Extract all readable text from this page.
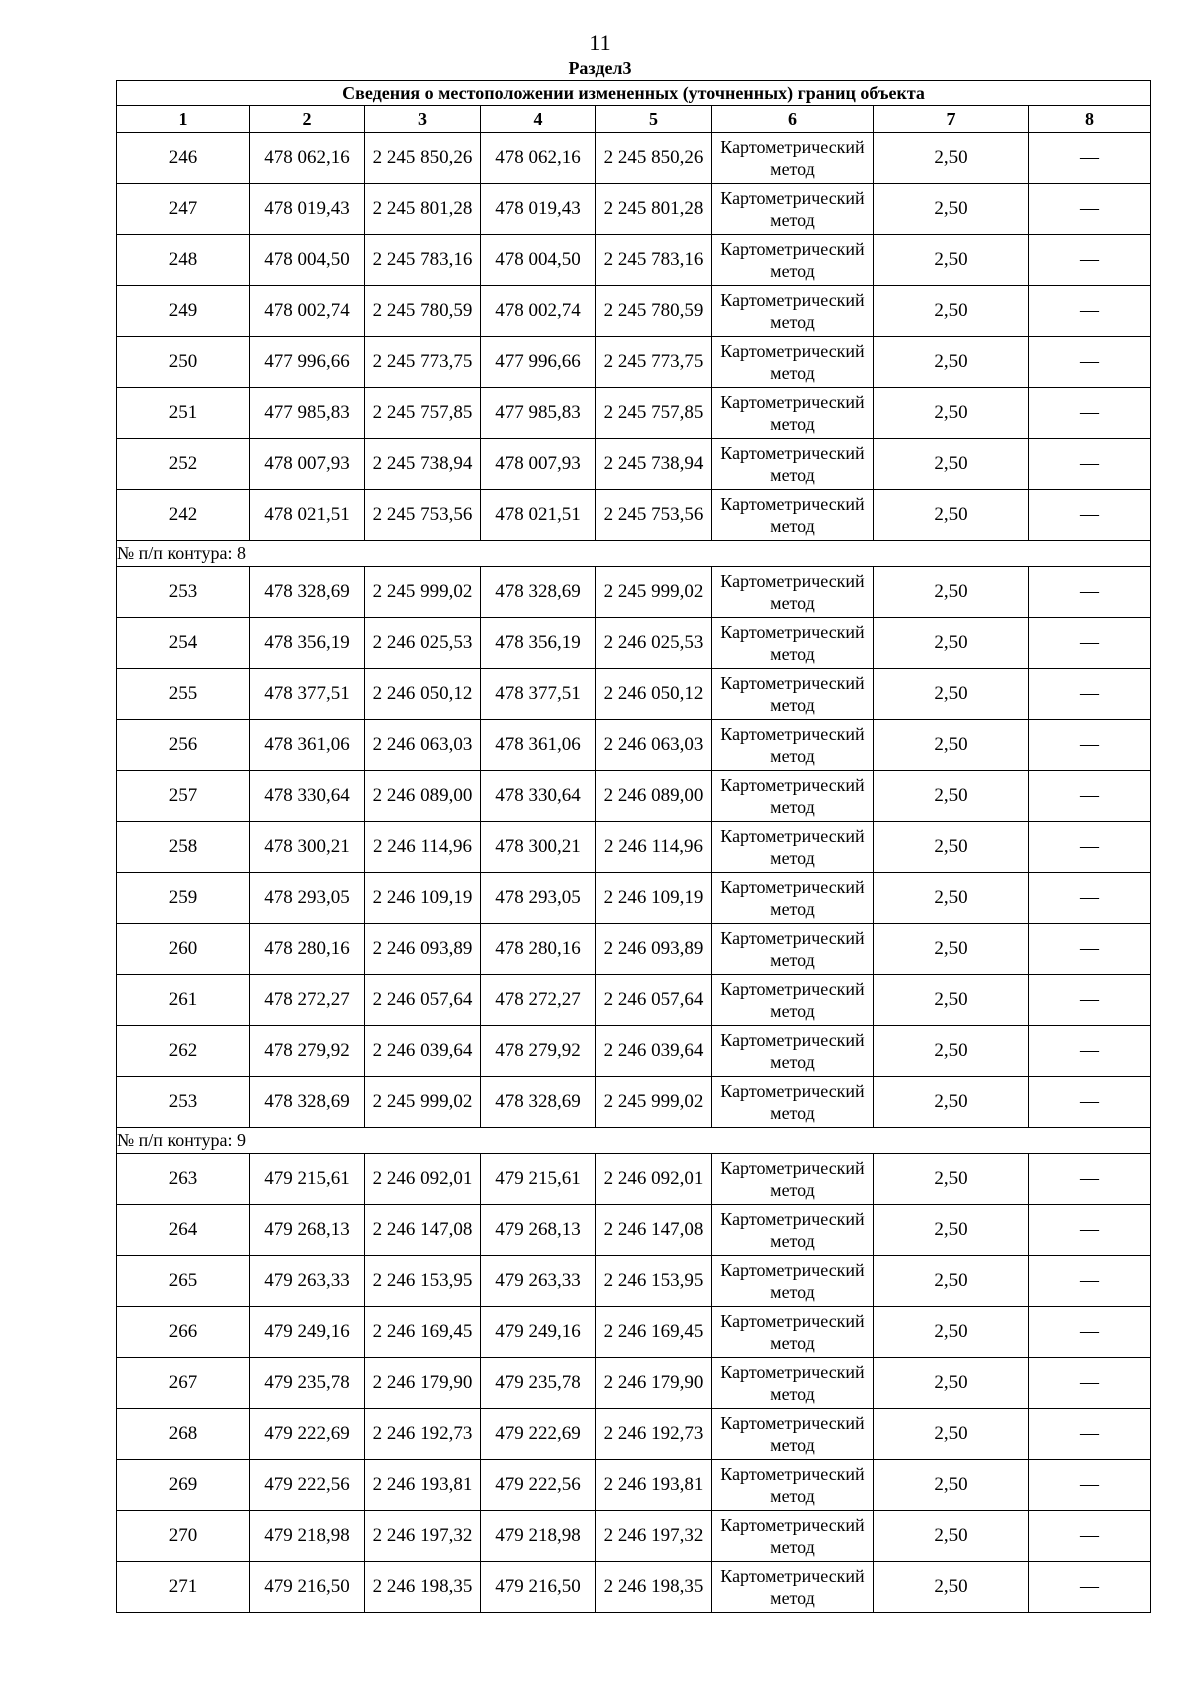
11
Раздел3
Сведения о местоположении измененных (уточненных) границ объекта							
1	2	3	4	5	6	7	8
246	478 062,16	2 245 850,26	478 062,16	2 245 850,26	Картометрический метод	2,50	—
247	478 019,43	2 245 801,28	478 019,43	2 245 801,28	Картометрический метод	2,50	—
248	478 004,50	2 245 783,16	478 004,50	2 245 783,16	Картометрический метод	2,50	—
249	478 002,74	2 245 780,59	478 002,74	2 245 780,59	Картометрический метод	2,50	—
250	477 996,66	2 245 773,75	477 996,66	2 245 773,75	Картометрический метод	2,50	—
251	477 985,83	2 245 757,85	477 985,83	2 245 757,85	Картометрический метод	2,50	—
252	478 007,93	2 245 738,94	478 007,93	2 245 738,94	Картометрический метод	2,50	—
242	478 021,51	2 245 753,56	478 021,51	2 245 753,56	Картометрический метод	2,50	—
№ п/п контура: 8							
253	478 328,69	2 245 999,02	478 328,69	2 245 999,02	Картометрический метод	2,50	—
254	478 356,19	2 246 025,53	478 356,19	2 246 025,53	Картометрический метод	2,50	—
255	478 377,51	2 246 050,12	478 377,51	2 246 050,12	Картометрический метод	2,50	—
256	478 361,06	2 246 063,03	478 361,06	2 246 063,03	Картометрический метод	2,50	—
257	478 330,64	2 246 089,00	478 330,64	2 246 089,00	Картометрический метод	2,50	—
258	478 300,21	2 246 114,96	478 300,21	2 246 114,96	Картометрический метод	2,50	—
259	478 293,05	2 246 109,19	478 293,05	2 246 109,19	Картометрический метод	2,50	—
260	478 280,16	2 246 093,89	478 280,16	2 246 093,89	Картометрический метод	2,50	—
261	478 272,27	2 246 057,64	478 272,27	2 246 057,64	Картометрический метод	2,50	—
262	478 279,92	2 246 039,64	478 279,92	2 246 039,64	Картометрический метод	2,50	—
253	478 328,69	2 245 999,02	478 328,69	2 245 999,02	Картометрический метод	2,50	—
№ п/п контура: 9							
263	479 215,61	2 246 092,01	479 215,61	2 246 092,01	Картометрический метод	2,50	—
264	479 268,13	2 246 147,08	479 268,13	2 246 147,08	Картометрический метод	2,50	—
265	479 263,33	2 246 153,95	479 263,33	2 246 153,95	Картометрический метод	2,50	—
266	479 249,16	2 246 169,45	479 249,16	2 246 169,45	Картометрический метод	2,50	—
267	479 235,78	2 246 179,90	479 235,78	2 246 179,90	Картометрический метод	2,50	—
268	479 222,69	2 246 192,73	479 222,69	2 246 192,73	Картометрический метод	2,50	—
269	479 222,56	2 246 193,81	479 222,56	2 246 193,81	Картометрический метод	2,50	—
270	479 218,98	2 246 197,32	479 218,98	2 246 197,32	Картометрический метод	2,50	—
271	479 216,50	2 246 198,35	479 216,50	2 246 198,35	Картометрический метод	2,50	—
